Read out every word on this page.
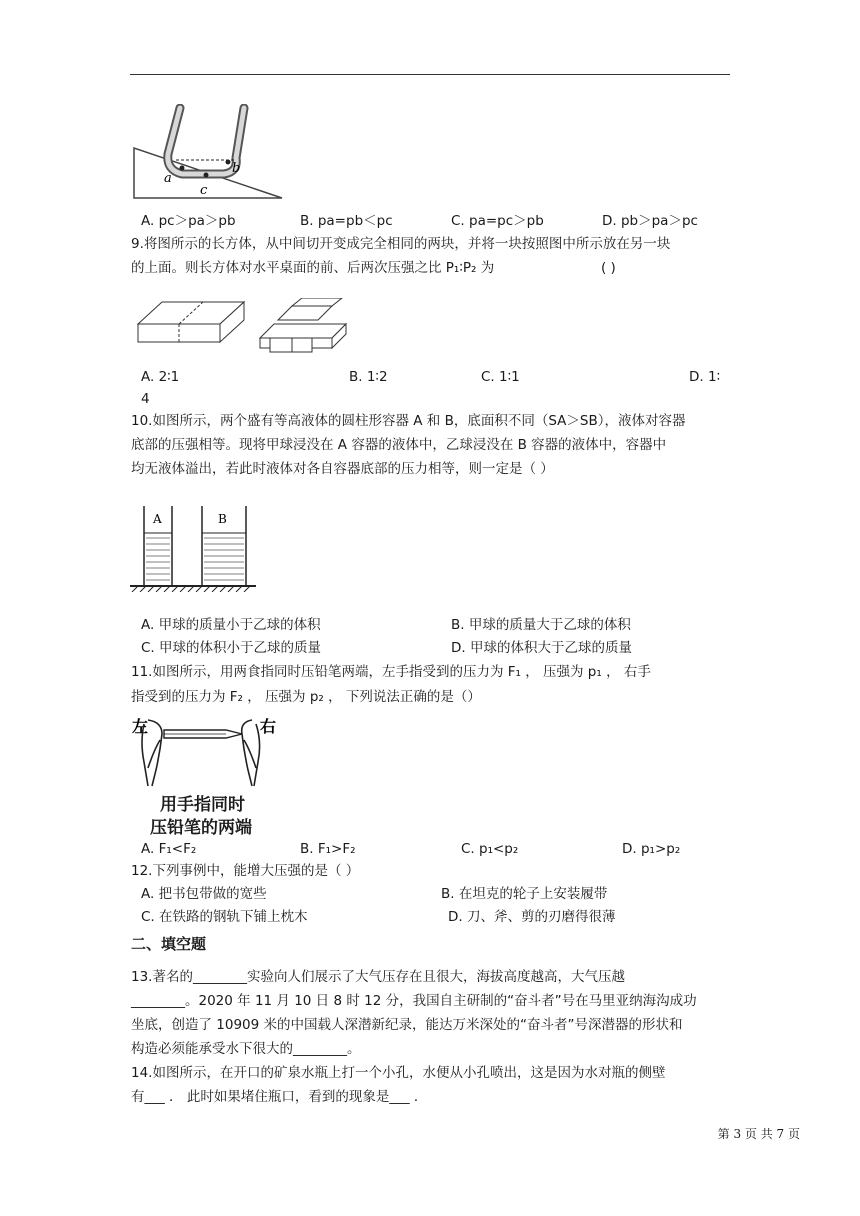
a
b
c
A. pc＞pa＞pb	B. pa=pb＜pc	C. pa=pc＞pb	D. pb＞pa＞pc
9.将图所示的长方体，从中间切开变成完全相同的两块，并将一块按照图中所示放在另一块
的上面。则长方体对水平桌面的前、后两次压强之比 P₁∶P₂ 为	( )
A. 2∶1	B. 1∶2	C. 1∶1	D. 1∶
4
10.如图所示，两个盛有等高液体的圆柱形容器 A 和 B，底面积不同（SA＞SB），液体对容器
底部的压强相等。现将甲球浸没在 A 容器的液体中，乙球浸没在 B 容器的液体中，容器中
均无液体溢出，若此时液体对各自容器底部的压力相等，则一定是（ ）
A	B
A. 甲球的质量小于乙球的体积	B. 甲球的质量大于乙球的体积
C. 甲球的体积小于乙球的质量	D. 甲球的体积大于乙球的质量
11.如图所示，用两食指同时压铅笔两端，左手指受到的压力为 F₁ ， 压强为 p₁ ， 右手
指受到的压力为 F₂ ， 压强为 p₂ ， 下列说法正确的是（）
左	右
用手指同时
压铅笔的两端
A. F₁<F₂	B. F₁>F₂	C. p₁<p₂	D. p₁>p₂
12.下列事例中，能增大压强的是（ ）
A. 把书包带做的宽些	B. 在坦克的轮子上安装履带
C. 在铁路的钢轨下铺上枕木	D. 刀、斧、剪的刃磨得很薄
二、填空题
13.著名的________实验向人们展示了大气压存在且很大，海拔高度越高，大气压越
________。2020 年 11 月 10 日 8 时 12 分，我国自主研制的“奋斗者”号在马里亚纳海沟成功
坐底，创造了 10909 米的中国载人深潜新纪录，能达万米深处的“奋斗者”号深潜器的形状和
构造必须能承受水下很大的________。
14.如图所示，在开口的矿泉水瓶上打一个小孔，水便从小孔喷出，这是因为水对瓶的侧壁
有___ ． 此时如果堵住瓶口，看到的现象是___ ．
第 3 页 共 7 页
